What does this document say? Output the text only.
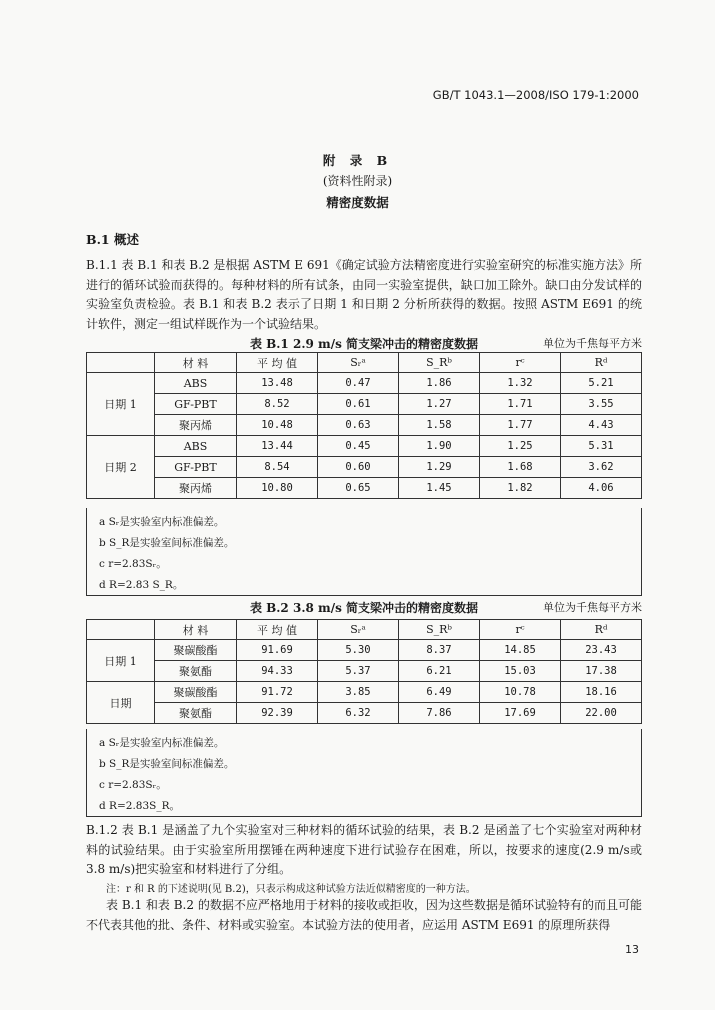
GB/T 1043.1—2008/ISO 179-1:2000
附 录 B
(资料性附录)
精密度数据
B.1 概述
B.1.1 表 B.1 和表 B.2 是根据 ASTM E 691《确定试验方法精密度进行实验室研究的标准实施方法》所进行的循环试验而获得的。每种材料的所有试条，由同一实验室提供，缺口加工除外。缺口由分发试样的实验室负责检验。表 B.1 和表 B.2 表示了日期 1 和日期 2 分析所获得的数据。按照 ASTM E691 的统计软件，测定一组试样既作为一个试验结果。
表 B.1 2.9 m/s 简支梁冲击的精密度数据	单位为千焦每平方米
	材 料	平 均 值	Sᵣᵃ	S_Rᵇ	rᶜ	Rᵈ
日期 1	ABS	13.48	0.47	1.86	1.32	5.21
	GF-PBT	8.52	0.61	1.27	1.71	3.55
	聚丙烯	10.48	0.63	1.58	1.77	4.43
日期 2	ABS	13.44	0.45	1.90	1.25	5.31
	GF-PBT	8.54	0.60	1.29	1.68	3.62
	聚丙烯	10.80	0.65	1.45	1.82	4.06
a Sᵣ是实验室内标准偏差。
b S_R是实验室间标准偏差。
c r=2.83Sᵣ。
d R=2.83 S_R。
表 B.2 3.8 m/s 简支梁冲击的精密度数据	单位为千焦每平方米
	材 料	平 均 值	Sᵣᵃ	S_Rᵇ	rᶜ	Rᵈ
日期 1	聚碳酸酯	91.69	5.30	8.37	14.85	23.43
	聚氨酯	94.33	5.37	6.21	15.03	17.38
日期	聚碳酸酯	91.72	3.85	6.49	10.78	18.16
	聚氨酯	92.39	6.32	7.86	17.69	22.00
a Sᵣ是实验室内标准偏差。
b S_R是实验室间标准偏差。
c r=2.83Sᵣ。
d R=2.83S_R。
B.1.2 表 B.1 是涵盖了九个实验室对三种材料的循环试验的结果，表 B.2 是函盖了七个实验室对两种材料的试验结果。由于实验室所用摆锤在两种速度下进行试验存在困难，所以，按要求的速度(2.9 m/s或 3.8 m/s)把实验室和材料进行了分组。
注：r 和 R 的下述说明(见 B.2)，只表示构成这种试验方法近似精密度的一种方法。
表 B.1 和表 B.2 的数据不应严格地用于材料的接收或拒收，因为这些数据是循环试验特有的而且可能不代表其他的批、条件、材料或实验室。本试验方法的使用者，应运用 ASTM E691 的原理所获得
13
